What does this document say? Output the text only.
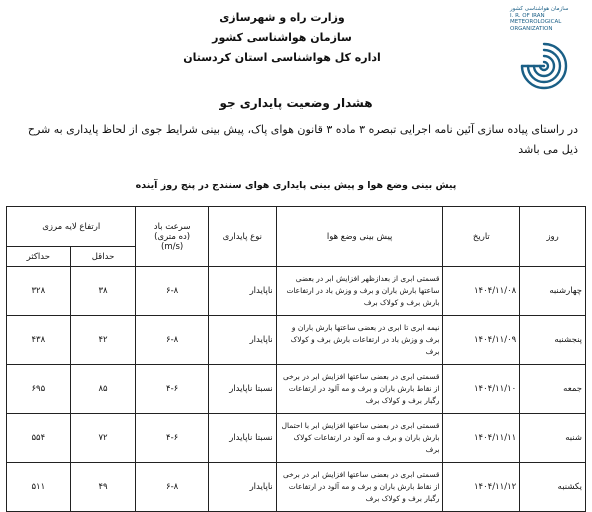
وزارت راه و شهرسازی
سازمان هواشناسی کشور
اداره کل هواشناسی استان کردستان
سازمان هواشناسی کشور
I. R. OF IRAN
METEOROLOGICAL
ORGANIZATION
هشدار وضعیت پایداری جو
در راستای پیاده سازی آئین نامه اجرایی تبصره ۳ ماده ۳ قانون هوای پاک، پیش بینی شرایط جوی از لحاظ پایداری به شرح ذیل می باشد
پیش بینی وضع هوا و پیش بینی پایداری هوای سنندج در پنج روز آینده
روز	تاریخ	پیش بینی وضع هوا	نوع پایداری	سرعت باد
(ده متری)
(m/s)	ارتفاع لایه مرزی	
					حداقل	حداکثر
چهارشنبه	۱۴۰۴/۱۱/۰۸	قسمتی ابری از بعدازظهر افزایش ابر در بعضی ساعتها بارش باران و برف و وزش باد در ارتفاعات بارش برف و کولاک برف	ناپایدار	۶-۸	۳۸	۳۲۸
پنجشنبه	۱۴۰۴/۱۱/۰۹	نیمه ابری تا ابری در بعضی ساعتها بارش باران و برف و وزش باد در ارتفاعات بارش برف و کولاک برف	ناپایدار	۶-۸	۴۲	۴۳۸
جمعه	۱۴۰۴/۱۱/۱۰	قسمتی ابری در بعضی ساعتها افزایش ابر در برخی از نقاط بارش باران و برف و مه آلود در ارتفاعات رگبار برف و کولاک برف	نسبتا ناپایدار	۴-۶	۸۵	۶۹۵
شنبه	۱۴۰۴/۱۱/۱۱	قسمتی ابری در بعضی ساعتها افزایش ابر با احتمال بارش باران و برف و مه آلود در ارتفاعات کولاک برف	نسبتا ناپایدار	۴-۶	۷۲	۵۵۴
یکشنبه	۱۴۰۴/۱۱/۱۲	قسمتی ابری در بعضی ساعتها افزایش ابر در برخی از نقاط بارش باران و برف و مه آلود در ارتفاعات رگبار برف و کولاک برف	ناپایدار	۶-۸	۴۹	۵۱۱
